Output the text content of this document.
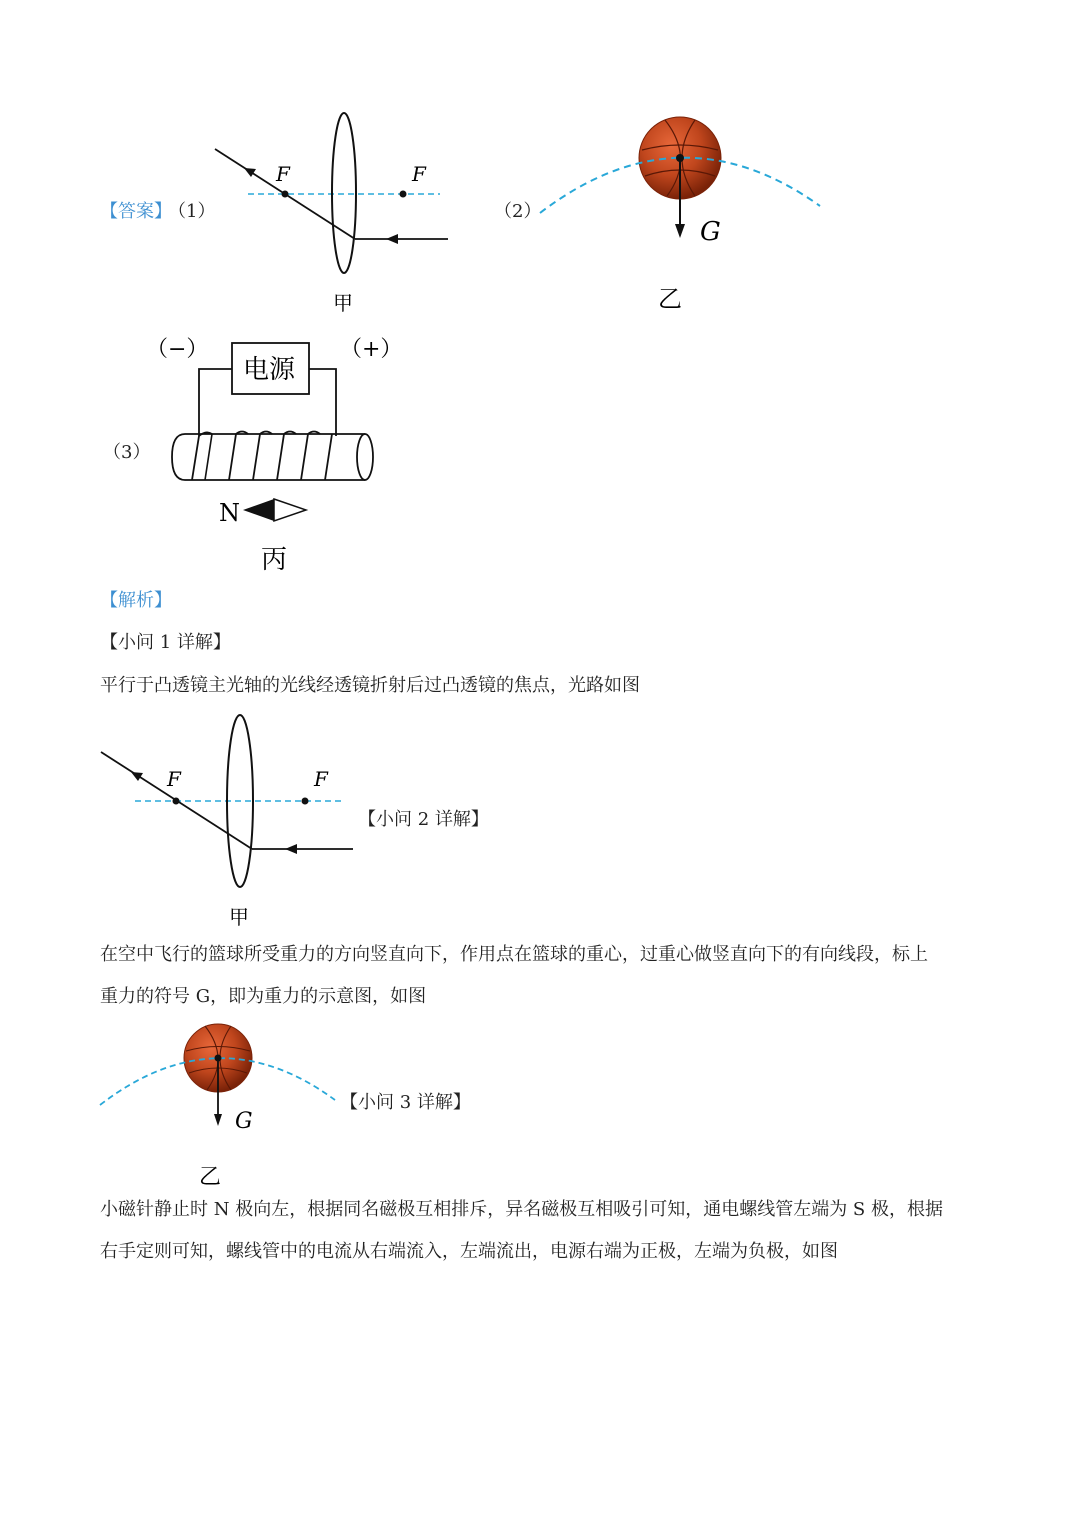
【答案】
（1）	（2）
（3）
F	F
甲
G
乙
（−）	（+）
电源
N
丙
【解析】
【小问 1 详解】
平行于凸透镜主光轴的光线经透镜折射后过凸透镜的焦点，光路如图
F	F
甲
【小问 2 详解】
在空中飞行的篮球所受重力的方向竖直向下，作用点在篮球的重心，过重心做竖直向下的有向线段，标上
重力的符号 G，即为重力的示意图，如图
G
乙
【小问 3 详解】
小磁针静止时 N 极向左，根据同名磁极互相排斥，异名磁极互相吸引可知，通电螺线管左端为 S 极，根据
右手定则可知，螺线管中的电流从右端流入，左端流出，电源右端为正极，左端为负极，如图
